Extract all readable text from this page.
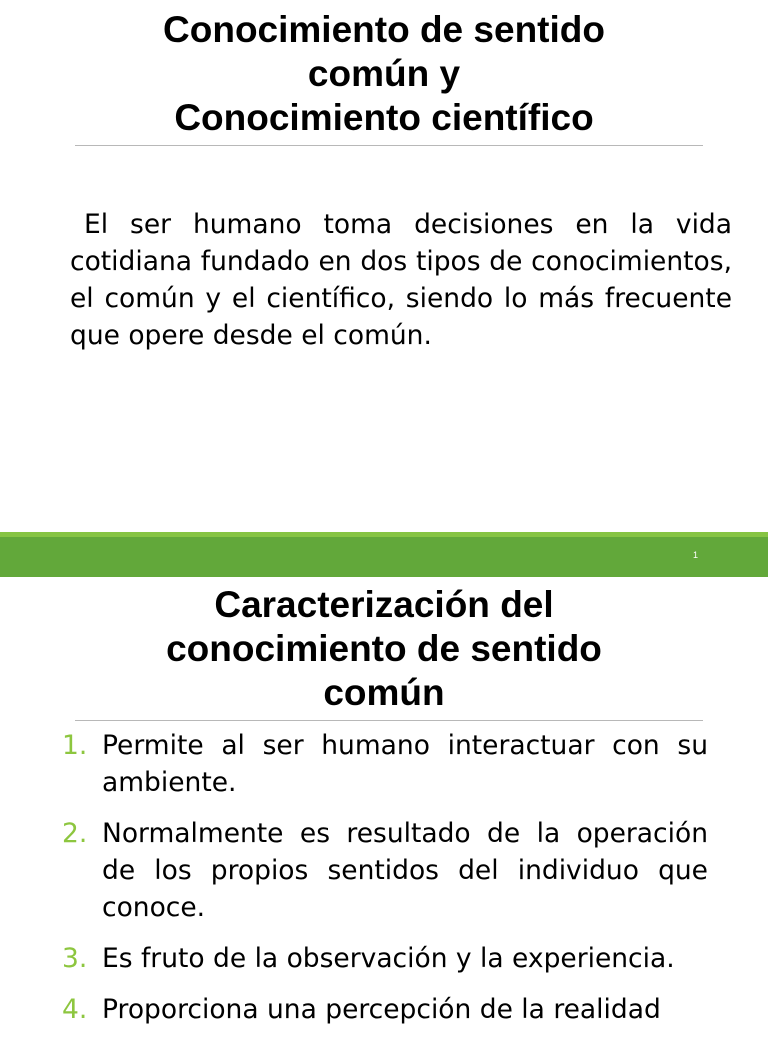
Conocimiento de sentido
común y
Conocimiento científico

El ser humano toma decisiones en la vida cotidiana fundado en dos tipos de conocimientos, el común y el científico, siendo lo más frecuente que opere desde el común.

1
Caracterización del
conocimiento de sentido
común
1. Permite al ser humano interactuar con su ambiente.
2. Normalmente es resultado de la operación de los propios sentidos del individuo que conoce.
3. Es fruto de la observación y la experiencia.
4. Proporciona una percepción de la realidad
